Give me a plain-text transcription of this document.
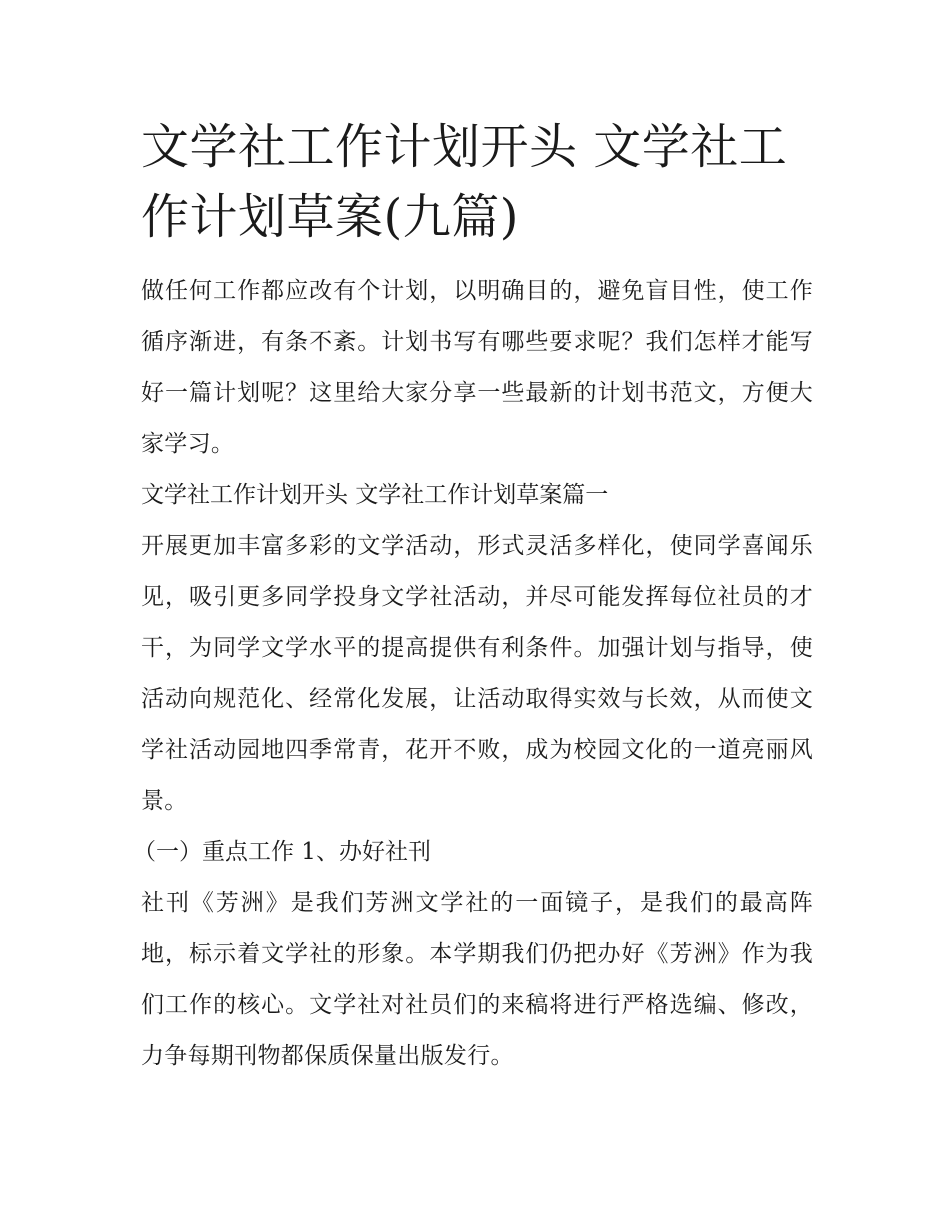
文学社工作计划开头 文学社工作计划草案(九篇)

做任何工作都应改有个计划，以明确目的，避免盲目性，使工作循序渐进，有条不紊。计划书写有哪些要求呢？我们怎样才能写好一篇计划呢？这里给大家分享一些最新的计划书范文，方便大家学习。

文学社工作计划开头 文学社工作计划草案篇一

开展更加丰富多彩的文学活动，形式灵活多样化，使同学喜闻乐见，吸引更多同学投身文学社活动，并尽可能发挥每位社员的才干，为同学文学水平的提高提供有利条件。加强计划与指导，使活动向规范化、经常化发展，让活动取得实效与长效，从而使文学社活动园地四季常青，花开不败，成为校园文化的一道亮丽风景。

（一）重点工作 1、办好社刊

社刊《芳洲》是我们芳洲文学社的一面镜子，是我们的最高阵地，标示着文学社的形象。本学期我们仍把办好《芳洲》作为我们工作的核心。文学社对社员们的来稿将进行严格选编、修改，力争每期刊物都保质保量出版发行。
